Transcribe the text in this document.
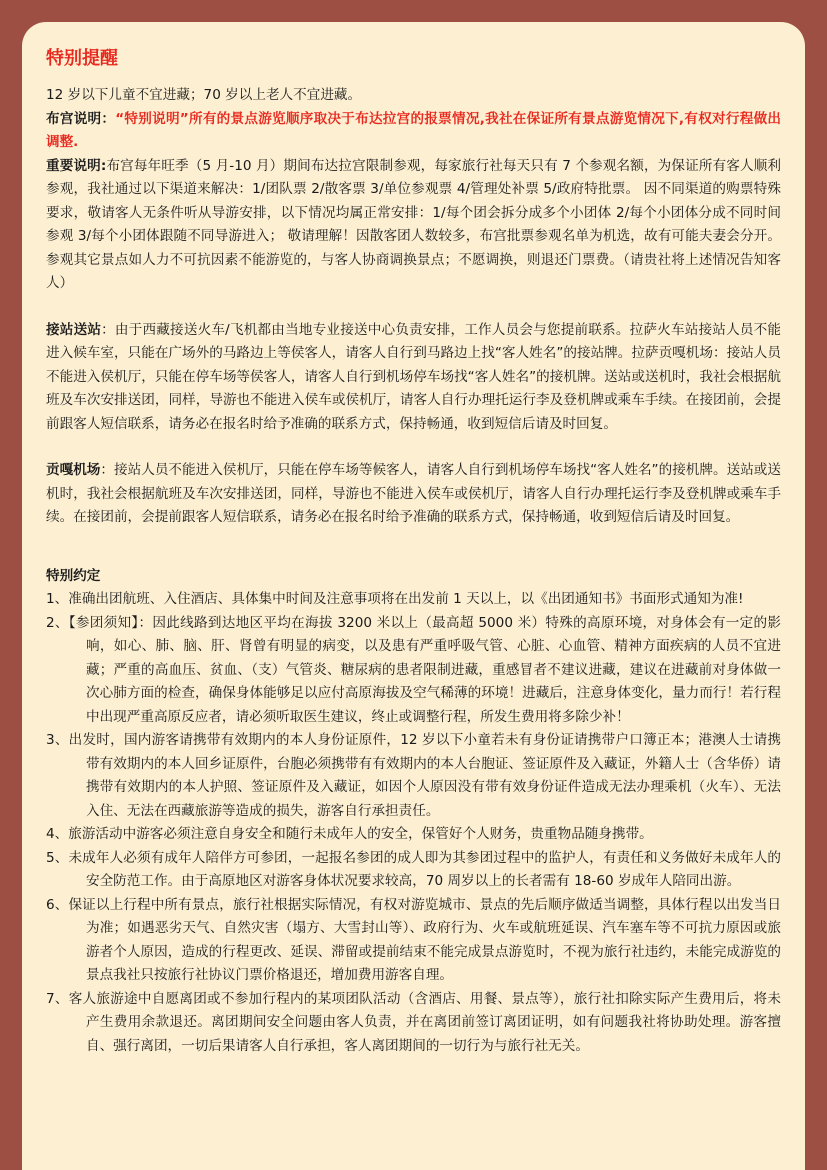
特别提醒

12 岁以下儿童不宜进藏；70 岁以上老人不宜进藏。

布宫说明：“特别说明”所有的景点游览顺序取决于布达拉宫的报票情况,我社在保证所有景点游览情况下,有权对行程做出调整.

重要说明:布宫每年旺季（5 月-10 月）期间布达拉宫限制参观，每家旅行社每天只有 7 个参观名额，为保证所有客人顺利参观，我社通过以下渠道来解决：1/团队票 2/散客票 3/单位参观票 4/管理处补票 5/政府特批票。 因不同渠道的购票特殊要求，敬请客人无条件听从导游安排，以下情况均属正常安排：1/每个团会拆分成多个小团体 2/每个小团体分成不同时间参观 3/每个小团体跟随不同导游进入； 敬请理解！因散客团人数较多，布宫批票参观名单为机选，故有可能夫妻会分开。参观其它景点如人力不可抗因素不能游览的，与客人协商调换景点；不愿调换，则退还门票费。（请贵社将上述情况告知客人）

接站送站：由于西藏接送火车/飞机都由当地专业接送中心负责安排，工作人员会与您提前联系。拉萨火车站接站人员不能进入候车室，只能在广场外的马路边上等侯客人，请客人自行到马路边上找“客人姓名”的接站牌。拉萨贡嘎机场：接站人员不能进入侯机厅，只能在停车场等侯客人，请客人自行到机场停车场找“客人姓名”的接机牌。送站或送机时，我社会根据航班及车次安排送团，同样，导游也不能进入侯车或侯机厅，请客人自行办理托运行李及登机牌或乘车手续。在接团前，会提前跟客人短信联系，请务必在报名时给予准确的联系方式，保持畅通，收到短信后请及时回复。

贡嘎机场：接站人员不能进入侯机厅，只能在停车场等候客人，请客人自行到机场停车场找“客人姓名”的接机牌。送站或送机时，我社会根据航班及车次安排送团，同样，导游也不能进入侯车或侯机厅，请客人自行办理托运行李及登机牌或乘车手续。在接团前，会提前跟客人短信联系，请务必在报名时给予准确的联系方式，保持畅通，收到短信后请及时回复。

特别约定

1、准确出团航班、入住酒店、具体集中时间及注意事项将在出发前 1 天以上，以《出团通知书》书面形式通知为准!
2、【参团须知】：因此线路到达地区平均在海拔 3200 米以上（最高超 5000 米）特殊的高原环境，对身体会有一定的影响，如心、肺、脑、肝、肾曾有明显的病变，以及患有严重呼吸气管、心脏、心血管、精神方面疾病的人员不宜进藏；严重的高血压、贫血、（支）气管炎、糖尿病的患者限制进藏，重感冒者不建议进藏，建议在进藏前对身体做一次心肺方面的检查，确保身体能够足以应付高原海拔及空气稀薄的环境！进藏后，注意身体变化，量力而行！若行程中出现严重高原反应者，请必须听取医生建议，终止或调整行程，所发生费用将多除少补！
3、出发时，国内游客请携带有效期内的本人身份证原件，12 岁以下小童若未有身份证请携带户口簿正本；港澳人士请携带有效期内的本人回乡证原件，台胞必须携带有有效期内的本人台胞证、签证原件及入藏证，外籍人士（含华侨）请携带有效期内的本人护照、签证原件及入藏证，如因个人原因没有带有效身份证件造成无法办理乘机（火车）、无法入住、无法在西藏旅游等造成的损失，游客自行承担责任。
4、旅游活动中游客必须注意自身安全和随行未成年人的安全，保管好个人财务，贵重物品随身携带。
5、未成年人必须有成年人陪伴方可参团，一起报名参团的成人即为其参团过程中的监护人，有责任和义务做好未成年人的安全防范工作。由于高原地区对游客身体状况要求较高，70 周岁以上的长者需有 18-60 岁成年人陪同出游。
6、保证以上行程中所有景点，旅行社根据实际情况，有权对游览城市、景点的先后顺序做适当调整，具体行程以出发当日为准；如遇恶劣天气、自然灾害（塌方、大雪封山等）、政府行为、火车或航班延误、汽车塞车等不可抗力原因或旅游者个人原因，造成的行程更改、延误、滞留或提前结束不能完成景点游览时，不视为旅行社违约，未能完成游览的景点我社只按旅行社协议门票价格退还，增加费用游客自理。
7、客人旅游途中自愿离团或不参加行程内的某项团队活动（含酒店、用餐、景点等），旅行社扣除实际产生费用后，将未产生费用余款退还。离团期间安全问题由客人负责，并在离团前签订离团证明，如有问题我社将协助处理。游客擅自、强行离团，一切后果请客人自行承担，客人离团期间的一切行为与旅行社无关。
